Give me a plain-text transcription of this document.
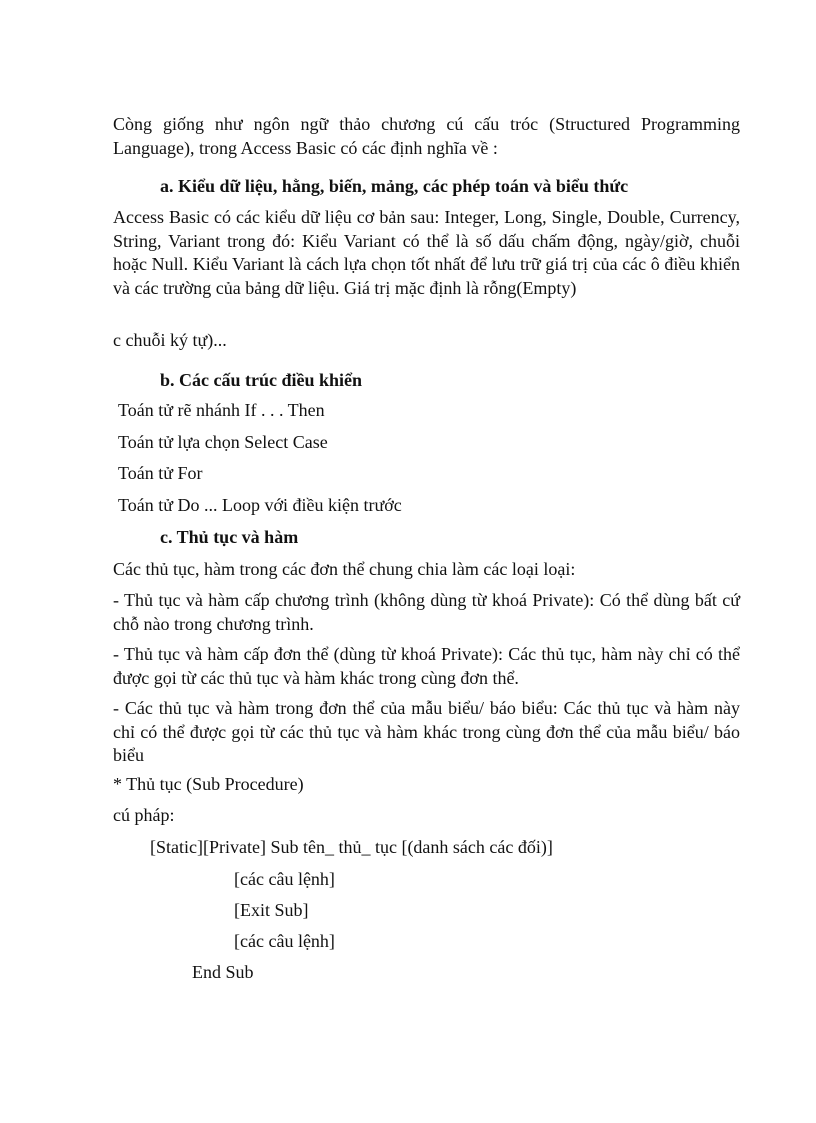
Còng giống như ngôn ngữ thảo chương cú cấu tróc (Structured Programming Language), trong Access Basic có các định nghĩa về :
a. Kiểu dữ liệu, hằng, biến, mảng, các phép toán và biểu thức
Access Basic có các kiểu dữ liệu cơ bản sau: Integer, Long, Single, Double, Currency, String, Variant trong đó: Kiểu Variant có thể là số dấu chấm động, ngày/giờ, chuỗi hoặc Null. Kiểu Variant là cách lựa chọn tốt nhất để lưu trữ giá trị của các ô điều khiển và các trường của bảng dữ liệu. Giá trị mặc định là rỗng(Empty)
c chuỗi ký tự)...
b. Các cấu trúc điều khiển
Toán tử rẽ nhánh If . . . Then
Toán tử lựa chọn Select Case
Toán tử For
Toán tử Do ... Loop với điều kiện trước
c. Thủ tục và hàm
Các thủ tục, hàm trong các đơn thể chung chia làm các loại loại:
- Thủ tục và hàm cấp chương trình (không dùng từ khoá Private): Có thể dùng bất cứ chỗ nào trong chương trình.
- Thủ tục và hàm cấp đơn thể (dùng từ khoá Private): Các thủ tục, hàm này chỉ có thể được gọi từ các thủ tục và hàm khác trong cùng đơn thể.
- Các thủ tục và hàm trong đơn thể của mẫu biểu/ báo biểu: Các thủ tục và hàm này chỉ có thể được gọi từ các thủ tục và hàm khác trong cùng đơn thể của mẫu biểu/ báo biểu
* Thủ tục (Sub Procedure)
cú pháp:
[Static][Private] Sub tên_ thủ_ tục [(danh sách các đối)]
[các câu lệnh]
[Exit Sub]
[các câu lệnh]
End Sub
